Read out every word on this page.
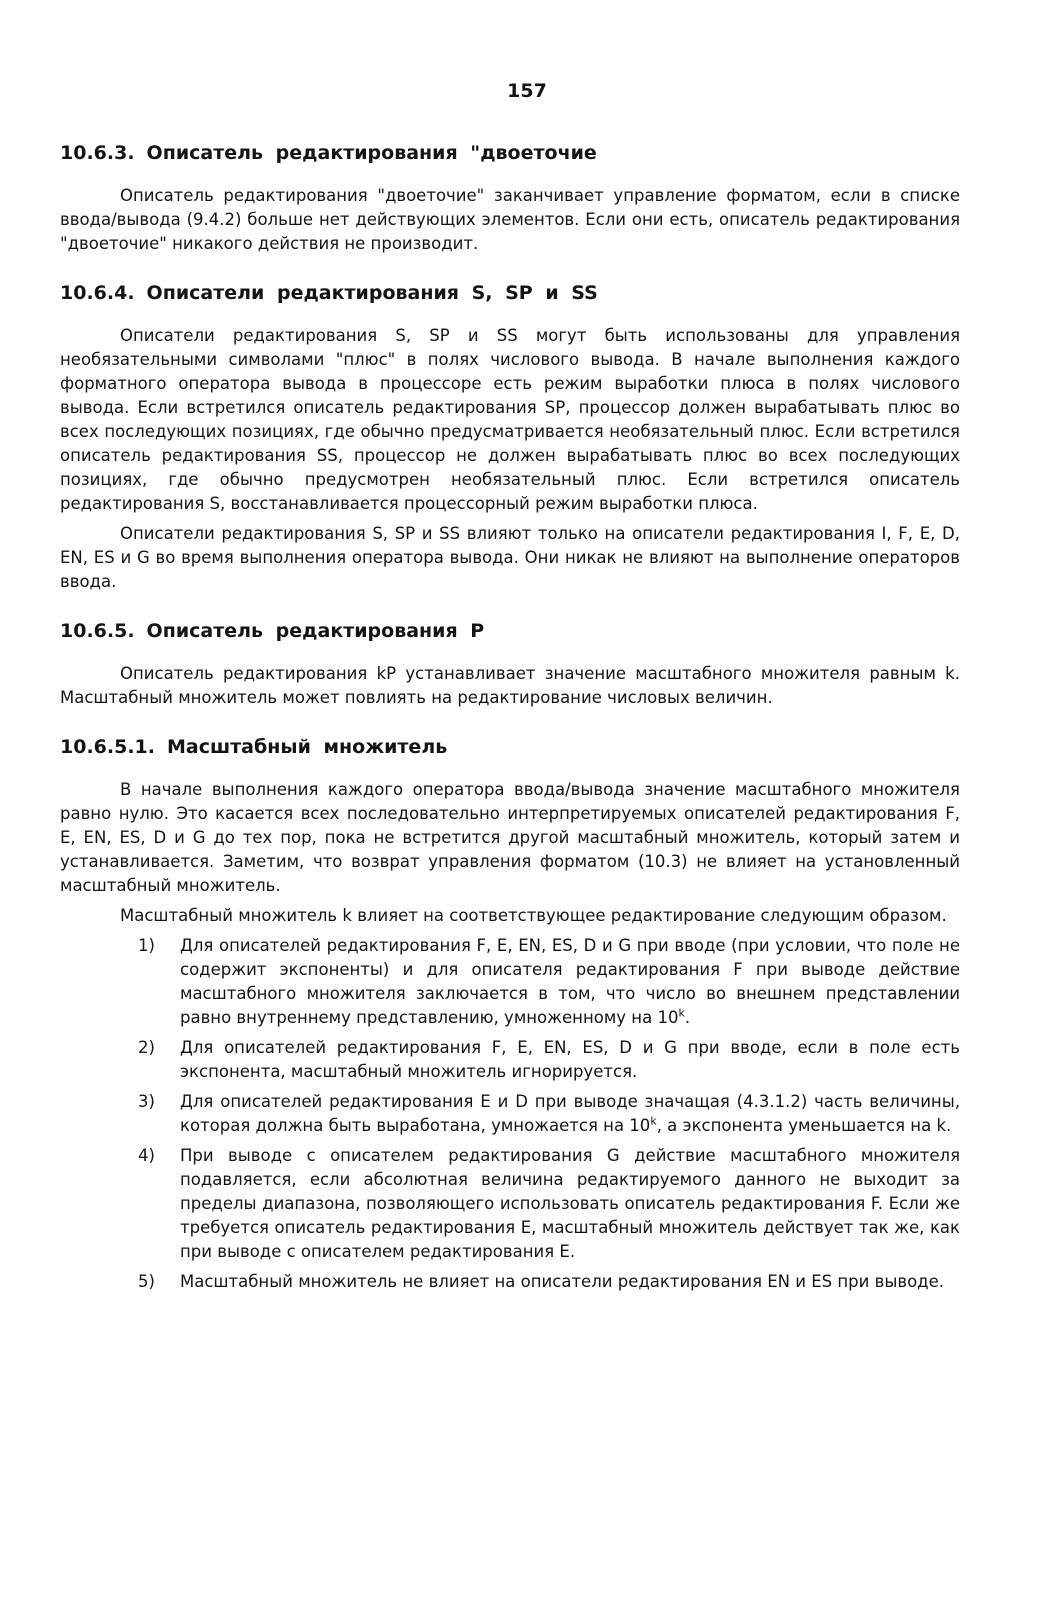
157
10.6.3. Описатель редактирования "двоеточие

Описатель редактирования "двоеточие" заканчивает управление форматом, если в списке ввода/вывода (9.4.2) больше нет действующих элементов. Если они есть, описатель редактирования "двоеточие" никакого действия не производит.

10.6.4. Описатели редактирования S, SP и SS

Описатели редактирования S, SP и SS могут быть использованы для управления необязательными символами "плюс" в полях числового вывода. В начале выполнения каждого форматного оператора вывода в процессоре есть режим выработки плюса в полях числового вывода. Если встретился описатель редактирования SP, процессор должен вырабатывать плюс во всех последующих позициях, где обычно предусматривается необязательный плюс. Если встретился описатель редактирования SS, процессор не должен вырабатывать плюс во всех последующих позициях, где обычно предусмотрен необязательный плюс. Если встретился описатель редактирования S, восстанавливается процессорный режим выработки плюса.

Описатели редактирования S, SP и SS влияют только на описатели редактирования I, F, E, D, EN, ES и G во время выполнения оператора вывода. Они никак не влияют на выполнение операторов ввода.

10.6.5. Описатель редактирования P

Описатель редактирования kP устанавливает значение масштабного множителя равным k. Масштабный множитель может повлиять на редактирование числовых величин.

10.6.5.1. Масштабный множитель

В начале выполнения каждого оператора ввода/вывода значение масштабного множителя равно нулю. Это касается всех последовательно интерпретируемых описателей редактирования F, E, EN, ES, D и G до тех пор, пока не встретится другой масштабный множитель, который затем и устанавливается. Заметим, что возврат управления форматом (10.3) не влияет на установленный масштабный множитель.

Масштабный множитель k влияет на соответствующее редактирование следующим образом.

1) Для описателей редактирования F, E, EN, ES, D и G при вводе (при условии, что поле не содержит экспоненты) и для описателя редактирования F при выводе действие масштабного множителя заключается в том, что число во внешнем представлении равно внутреннему представлению, умноженному на 10$^k$.
2) Для описателей редактирования F, E, EN, ES, D и G при вводе, если в поле есть экспонента, масштабный множитель игнорируется.
3) Для описателей редактирования E и D при выводе значащая (4.3.1.2) часть величины, которая должна быть выработана, умножается на 10$^k$, а экспонента уменьшается на k.
4) При выводе с описателем редактирования G действие масштабного множителя подавляется, если абсолютная величина редактируемого данного не выходит за пределы диапазона, позволяющего использовать описатель редактирования F. Если же требуется описатель редактирования E, масштабный множитель действует так же, как при выводе с описателем редактирования E.
5) Масштабный множитель не влияет на описатели редактирования EN и ES при выводе.
